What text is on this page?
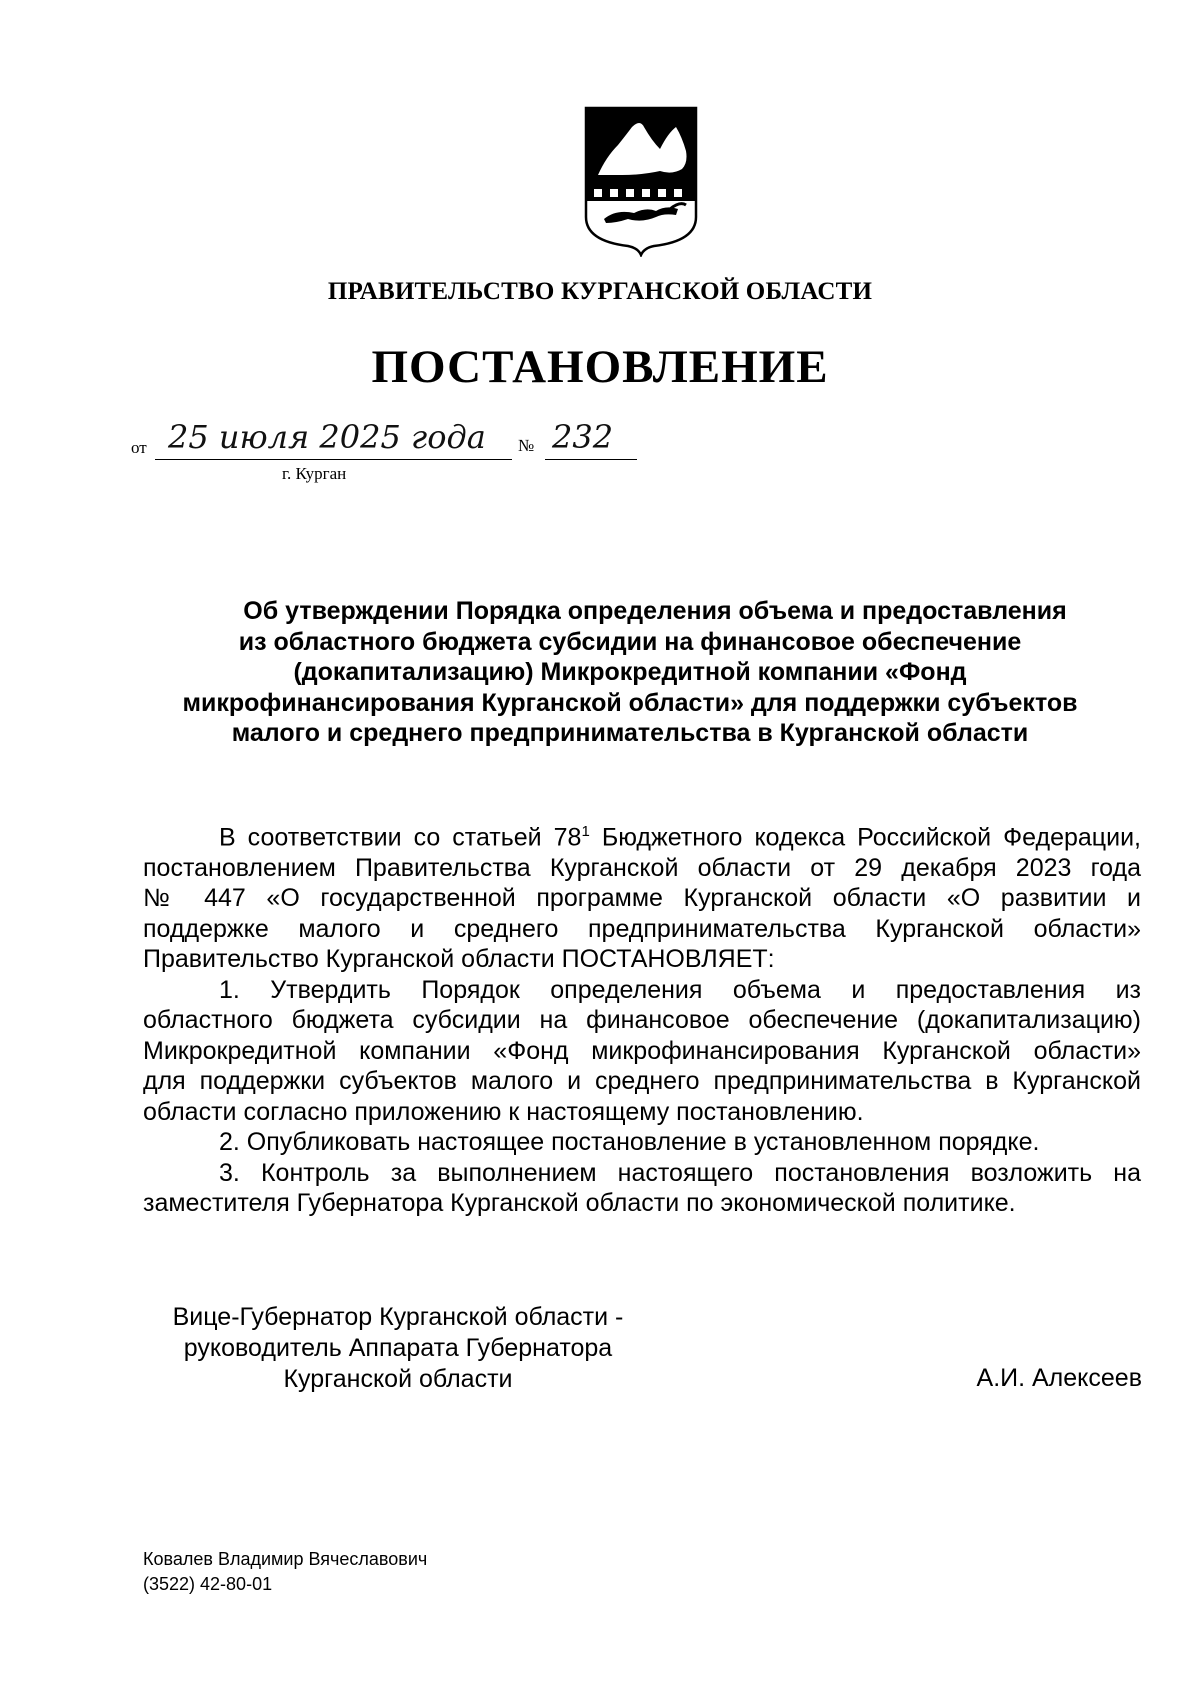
ПРАВИТЕЛЬСТВО КУРГАНСКОЙ ОБЛАСТИ
ПОСТАНОВЛЕНИЕ
от 25 июля 2025 года № 232
г. Курган
Об утверждении Порядка определения объема и предоставления
из областного бюджета субсидии на финансовое обеспечение
(докапитализацию) Микрокредитной компании «Фонд
микрофинансирования Курганской области» для поддержки субъектов
малого и среднего предпринимательства в Курганской области
В соответствии со статьей $78^1$ Бюджетного кодекса Российской Федерации,
постановлением Правительства Курганской области от 29 декабря 2023 года
№ 447 «О государственной программе Курганской области «О развитии и
поддержке малого и среднего предпринимательства Курганской области»
Правительство Курганской области ПОСТАНОВЛЯЕТ:
1. Утвердить Порядок определения объема и предоставления из
областного бюджета субсидии на финансовое обеспечение (докапитализацию)
Микрокредитной компании «Фонд микрофинансирования Курганской области»
для поддержки субъектов малого и среднего предпринимательства в Курганской
области согласно приложению к настоящему постановлению.
2. Опубликовать настоящее постановление в установленном порядке.
3. Контроль за выполнением настоящего постановления возложить на
заместителя Губернатора Курганской области по экономической политике.
Вице-Губернатор Курганской области -
руководитель Аппарата Губернатора
Курганской области	А.И. Алексеев
Ковалев Владимир Вячеславович
(3522) 42-80-01
